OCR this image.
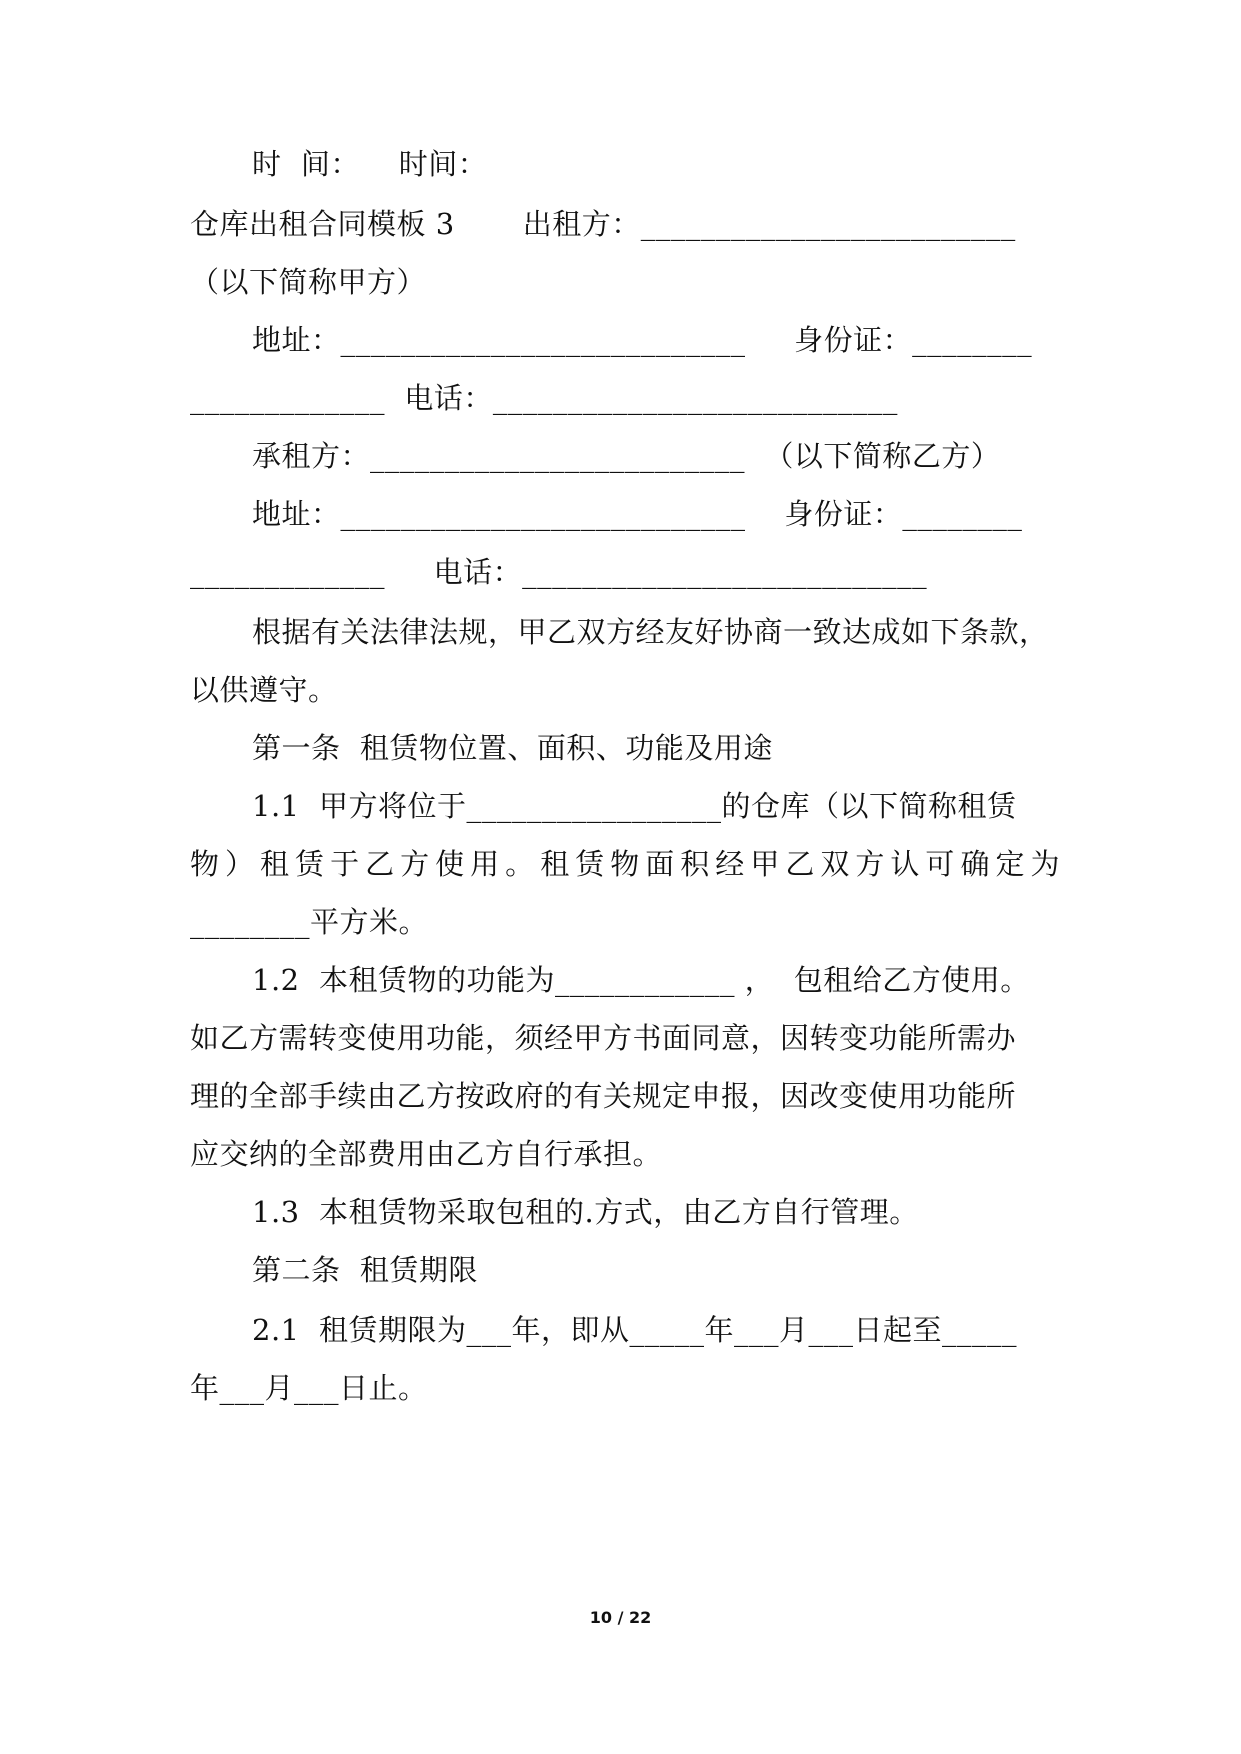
时  间：    时间：
仓库出租合同模板 3       出租方：_________________________
（以下简称甲方）
地址：___________________________     身份证：________
_____________  电话：___________________________
承租方：_________________________  （以下简称乙方）
地址：___________________________    身份证：________
_____________     电话：___________________________
根据有关法律法规，甲乙双方经友好协商一致达成如下条款，
以供遵守。
第一条  租赁物位置、面积、功能及用途
1.1  甲方将位于_________________的仓库（以下简称租赁
物）租赁于乙方使用。租赁物面积经甲乙双方认可确定为
________平方米。
1.2  本租赁物的功能为____________ ，  包租给乙方使用。
如乙方需转变使用功能，须经甲方书面同意，因转变功能所需办
理的全部手续由乙方按政府的有关规定申报，因改变使用功能所
应交纳的全部费用由乙方自行承担。
1.3  本租赁物采取包租的.方式，由乙方自行管理。
第二条  租赁期限
2.1  租赁期限为___年，即从_____年___月___日起至_____
年___月___日止。
10 / 22
